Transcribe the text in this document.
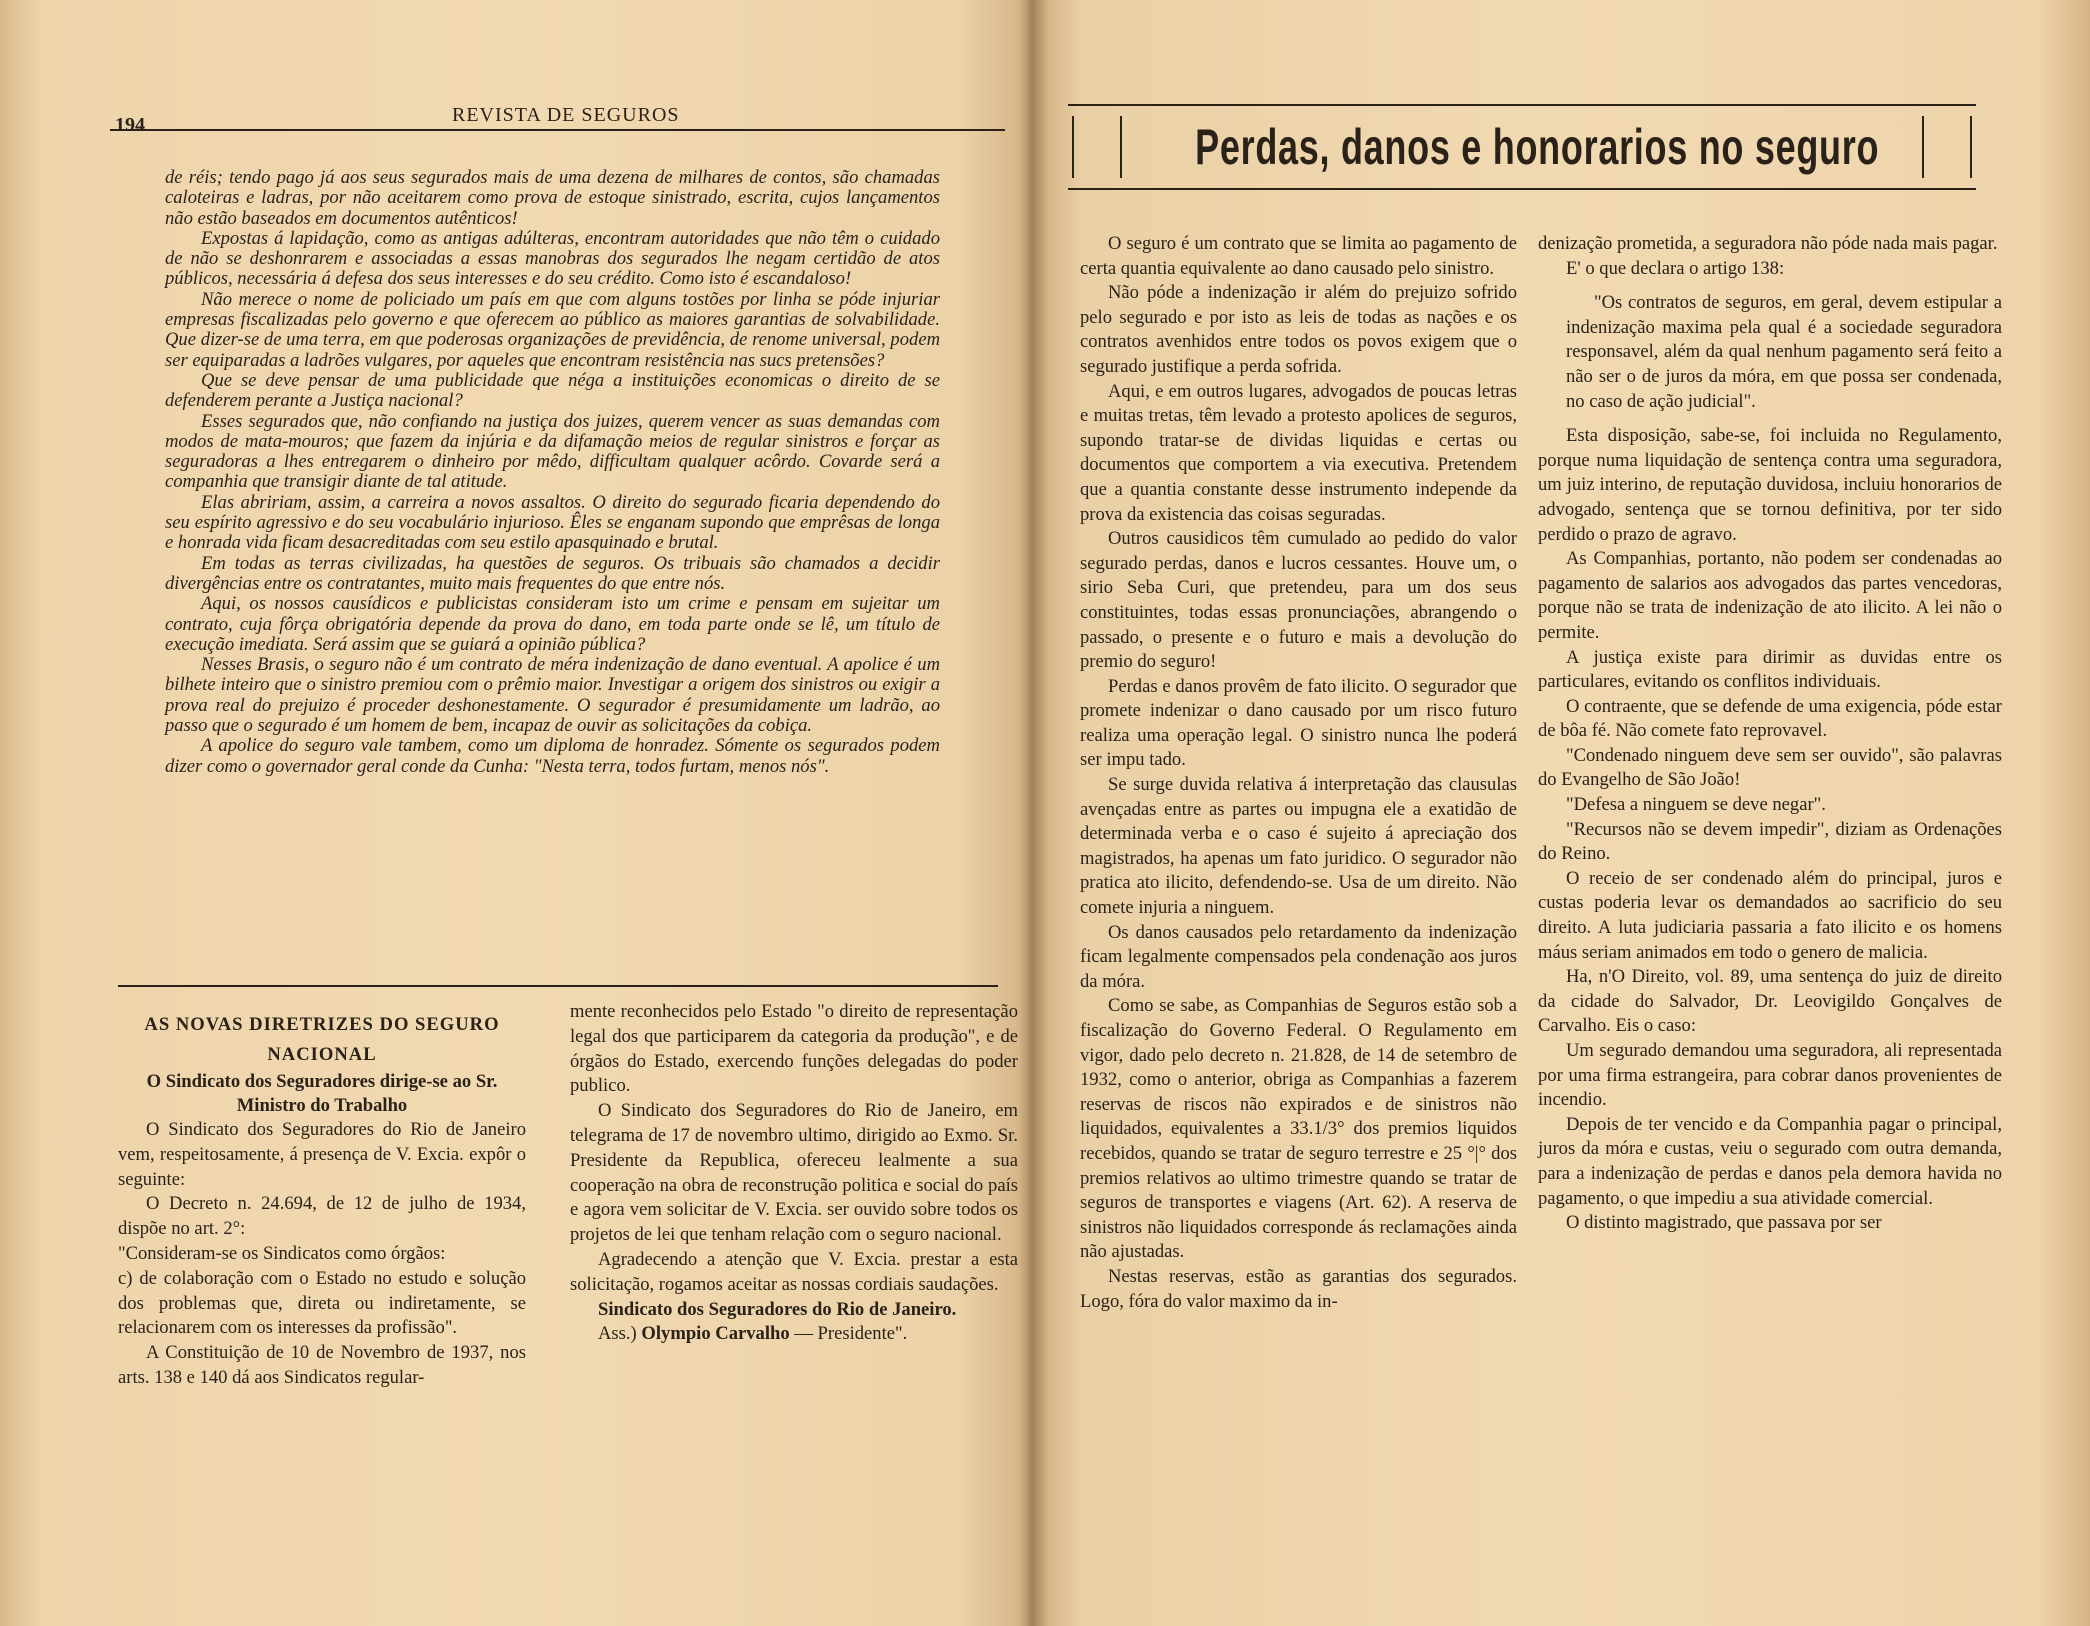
194	REVISTA DE SEGUROS

de réis; tendo pago já aos seus segurados mais de uma dezena de milhares de contos, são chamadas caloteiras e ladras, por não aceitarem como prova de estoque sinistrado, escrita, cujos lançamentos não estão baseados em documentos autênticos!

Expostas á lapidação, como as antigas adúlteras, encontram autoridades que não têm o cuidado de não se deshonrarem e associadas a essas manobras dos segurados lhe negam certidão de atos públicos, necessária á defesa dos seus interesses e do seu crédito. Como isto é escandaloso!

Não merece o nome de policiado um país em que com alguns tostões por linha se póde injuriar empresas fiscalizadas pelo governo e que oferecem ao público as maiores garantias de solvabilidade. Que dizer-se de uma terra, em que poderosas organizações de previdência, de renome universal, podem ser equiparadas a ladrões vulgares, por aqueles que encontram resistência nas sucs pretensões?

Que se deve pensar de uma publicidade que néga a instituições economicas o direito de se defenderem perante a Justiça nacional?

Esses segurados que, não confiando na justiça dos juizes, querem vencer as suas demandas com modos de mata-mouros; que fazem da injúria e da difamação meios de regular sinistros e forçar as seguradoras a lhes entregarem o dinheiro por mêdo, difficultam qualquer acôrdo. Covarde será a companhia que transigir diante de tal atitude.

Elas abririam, assim, a carreira a novos assaltos. O direito do segurado ficaria dependendo do seu espírito agressivo e do seu vocabulário injurioso. Êles se enganam supondo que emprêsas de longa e honrada vida ficam desacreditadas com seu estilo apasquinado e brutal.

Em todas as terras civilizadas, ha questões de seguros. Os tribuais são chamados a decidir divergências entre os contratantes, muito mais frequentes do que entre nós.

Aqui, os nossos causídicos e publicistas consideram isto um crime e pensam em sujeitar um contrato, cuja fôrça obrigatória depende da prova do dano, em toda parte onde se lê, um título de execução imediata. Será assim que se guiará a opinião pública?

Nesses Brasis, o seguro não é um contrato de méra indenização de dano eventual. A apolice é um bilhete inteiro que o sinistro premiou com o prêmio maior. Investigar a origem dos sinistros ou exigir a prova real do prejuizo é proceder deshonestamente. O segurador é presumidamente um ladrão, ao passo que o segurado é um homem de bem, incapaz de ouvir as solicitações da cobiça.

A apolice do seguro vale tambem, como um diploma de honradez. Sómente os segurados podem dizer como o governador geral conde da Cunha: "Nesta terra, todos furtam, menos nós".

AS NOVAS DIRETRIZES DO SEGURO NACIONAL

O Sindicato dos Seguradores dirige-se ao Sr. Ministro do Trabalho

O Sindicato dos Seguradores do Rio de Janeiro vem, respeitosamente, á presença de V. Excia. expôr o seguinte:

O Decreto n. 24.694, de 12 de julho de 1934, dispõe no art. 2°:

"Consideram-se os Sindicatos como órgãos:

c) de colaboração com o Estado no estudo e solução dos problemas que, direta ou indiretamente, se relacionarem com os interesses da profissão".

A Constituição de 10 de Novembro de 1937, nos arts. 138 e 140 dá aos Sindicatos regular-

mente reconhecidos pelo Estado "o direito de representação legal dos que participarem da categoria da produção", e de órgãos do Estado, exercendo funções delegadas do poder publico.

O Sindicato dos Seguradores do Rio de Janeiro, em telegrama de 17 de novembro ultimo, dirigido ao Exmo. Sr. Presidente da Republica, ofereceu lealmente a sua cooperação na obra de reconstrução politica e social do país e agora vem solicitar de V. Excia. ser ouvido sobre todos os projetos de lei que tenham relação com o seguro nacional.

Agradecendo a atenção que V. Excia. prestar a esta solicitação, rogamos aceitar as nossas cordiais saudações.

Sindicato dos Seguradores do Rio de Janeiro.

Ass.) Olympio Carvalho — Presidente".

Perdas, danos e honorarios no seguro

O seguro é um contrato que se limita ao pagamento de certa quantia equivalente ao dano causado pelo sinistro.

Não póde a indenização ir além do prejuizo sofrido pelo segurado e por isto as leis de todas as nações e os contratos avenhidos entre todos os povos exigem que o segurado justifique a perda sofrida.

Aqui, e em outros lugares, advogados de poucas letras e muitas tretas, têm levado a protesto apolices de seguros, supondo tratar-se de dividas liquidas e certas ou documentos que comportem a via executiva. Pretendem que a quantia constante desse instrumento independe da prova da existencia das coisas seguradas.

Outros causidicos têm cumulado ao pedido do valor segurado perdas, danos e lucros cessantes. Houve um, o sirio Seba Curi, que pretendeu, para um dos seus constituintes, todas essas pronunciações, abrangendo o passado, o presente e o futuro e mais a devolução do premio do seguro!

Perdas e danos provêm de fato ilicito. O segurador que promete indenizar o dano causado por um risco futuro realiza uma operação legal. O sinistro nunca lhe poderá ser impu tado.

Se surge duvida relativa á interpretação das clausulas avençadas entre as partes ou impugna ele a exatidão de determinada verba e o caso é sujeito á apreciação dos magistrados, ha apenas um fato juridico. O segurador não pratica ato ilicito, defendendo-se. Usa de um direito. Não comete injuria a ninguem.

Os danos causados pelo retardamento da indenização ficam legalmente compensados pela condenação aos juros da móra.

Como se sabe, as Companhias de Seguros estão sob a fiscalização do Governo Federal. O Regulamento em vigor, dado pelo decreto n. 21.828, de 14 de setembro de 1932, como o anterior, obriga as Companhias a fazerem reservas de riscos não expirados e de sinistros não liquidados, equivalentes a 33.1/3° dos premios liquidos recebidos, quando se tratar de seguro terrestre e 25 °|° dos premios relativos ao ultimo trimestre quando se tratar de seguros de transportes e viagens (Art. 62). A reserva de sinistros não liquidados corresponde ás reclamações ainda não ajustadas.

Nestas reservas, estão as garantias dos segurados. Logo, fóra do valor maximo da in-

denização prometida, a seguradora não póde nada mais pagar.

E' o que declara o artigo 138:

"Os contratos de seguros, em geral, devem estipular a indenização maxima pela qual é a sociedade seguradora responsavel, além da qual nenhum pagamento será feito a não ser o de juros da móra, em que possa ser condenada, no caso de ação judicial".

Esta disposição, sabe-se, foi incluida no Regulamento, porque numa liquidação de sentença contra uma seguradora, um juiz interino, de reputação duvidosa, incluiu honorarios de advogado, sentença que se tornou definitiva, por ter sido perdido o prazo de agravo.

As Companhias, portanto, não podem ser condenadas ao pagamento de salarios aos advogados das partes vencedoras, porque não se trata de indenização de ato ilicito. A lei não o permite.

A justiça existe para dirimir as duvidas entre os particulares, evitando os conflitos individuais.

O contraente, que se defende de uma exigencia, póde estar de bôa fé. Não comete fato reprovavel.

"Condenado ninguem deve sem ser ouvido", são palavras do Evangelho de São João!

"Defesa a ninguem se deve negar".

"Recursos não se devem impedir", diziam as Ordenações do Reino.

O receio de ser condenado além do principal, juros e custas poderia levar os demandados ao sacrificio do seu direito. A luta judiciaria passaria a fato ilicito e os homens máus seriam animados em todo o genero de malicia.

Ha, n'O Direito, vol. 89, uma sentença do juiz de direito da cidade do Salvador, Dr. Leovigildo Gonçalves de Carvalho. Eis o caso:

Um segurado demandou uma seguradora, ali representada por uma firma estrangeira, para cobrar danos provenientes de incendio.

Depois de ter vencido e da Companhia pagar o principal, juros da móra e custas, veiu o segurado com outra demanda, para a indenização de perdas e danos pela demora havida no pagamento, o que impediu a sua atividade comercial.

O distinto magistrado, que passava por ser
